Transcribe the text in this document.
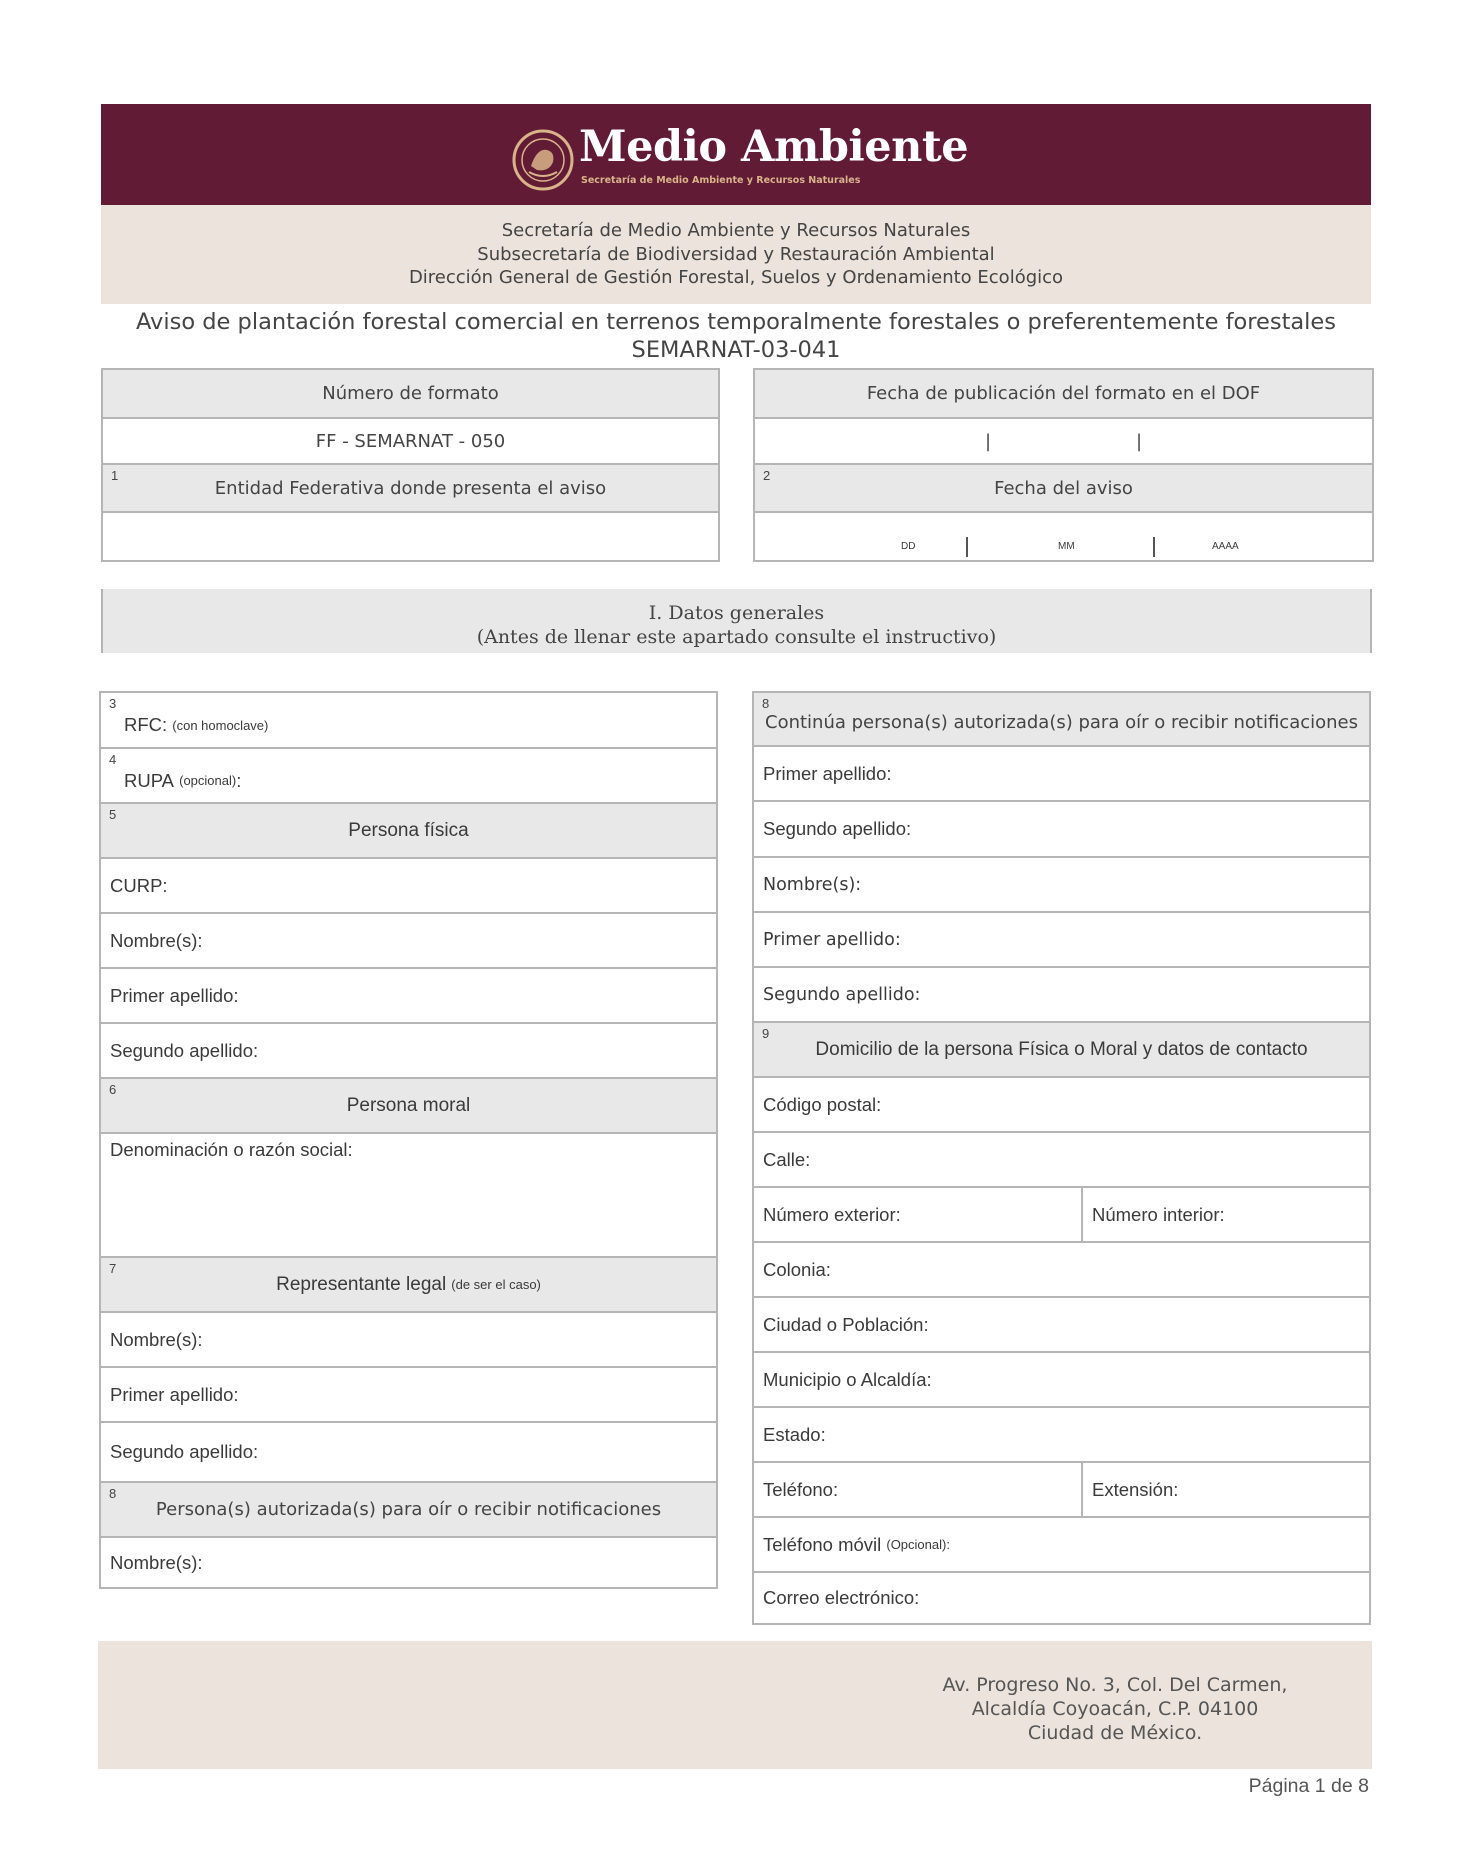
Medio Ambiente
Secretaría de Medio Ambiente y Recursos Naturales
Secretaría de Medio Ambiente y Recursos Naturales
Subsecretaría de Biodiversidad y Restauración Ambiental
Dirección General de Gestión Forestal, Suelos y Ordenamiento Ecológico
Aviso de plantación forestal comercial en terrenos temporalmente forestales o preferentemente forestales
SEMARNAT-03-041
Número de formato
FF - SEMARNAT - 050
1
Entidad Federativa donde presenta el aviso
Fecha de publicación del formato en el DOF
|	|
2
Fecha del aviso
DD	MM	AAAA
I. Datos generales
(Antes de llenar este apartado consulte el instructivo)
3
RFC:
(con homoclave)
4
RUPA
(opcional) :
5
Persona física
CURP:
Nombre(s):
Primer apellido:
Segundo apellido:
6
Persona moral
Denominación o razón social:
7
Representante legal
(de ser el caso)
Nombre(s):
Primer apellido:
Segundo apellido:
8
Persona(s) autorizada(s) para oír o recibir notificaciones
Nombre(s):
8
Continúa persona(s) autorizada(s) para oír o recibir notificaciones
Primer apellido:
Segundo apellido:
Nombre(s):
Primer apellido:
Segundo apellido:
9
Domicilio de la persona Física o Moral y datos de contacto
Código postal:
Calle:
Número exterior:	Número interior:
Colonia:
Ciudad o Población:
Municipio o Alcaldía:
Estado:
Teléfono:	Extensión:
Teléfono móvil
(Opcional):
Correo electrónico:
Av. Progreso No. 3, Col. Del Carmen,
Alcaldía Coyoacán, C.P. 04100
Ciudad de México.
Página 1 de 8
